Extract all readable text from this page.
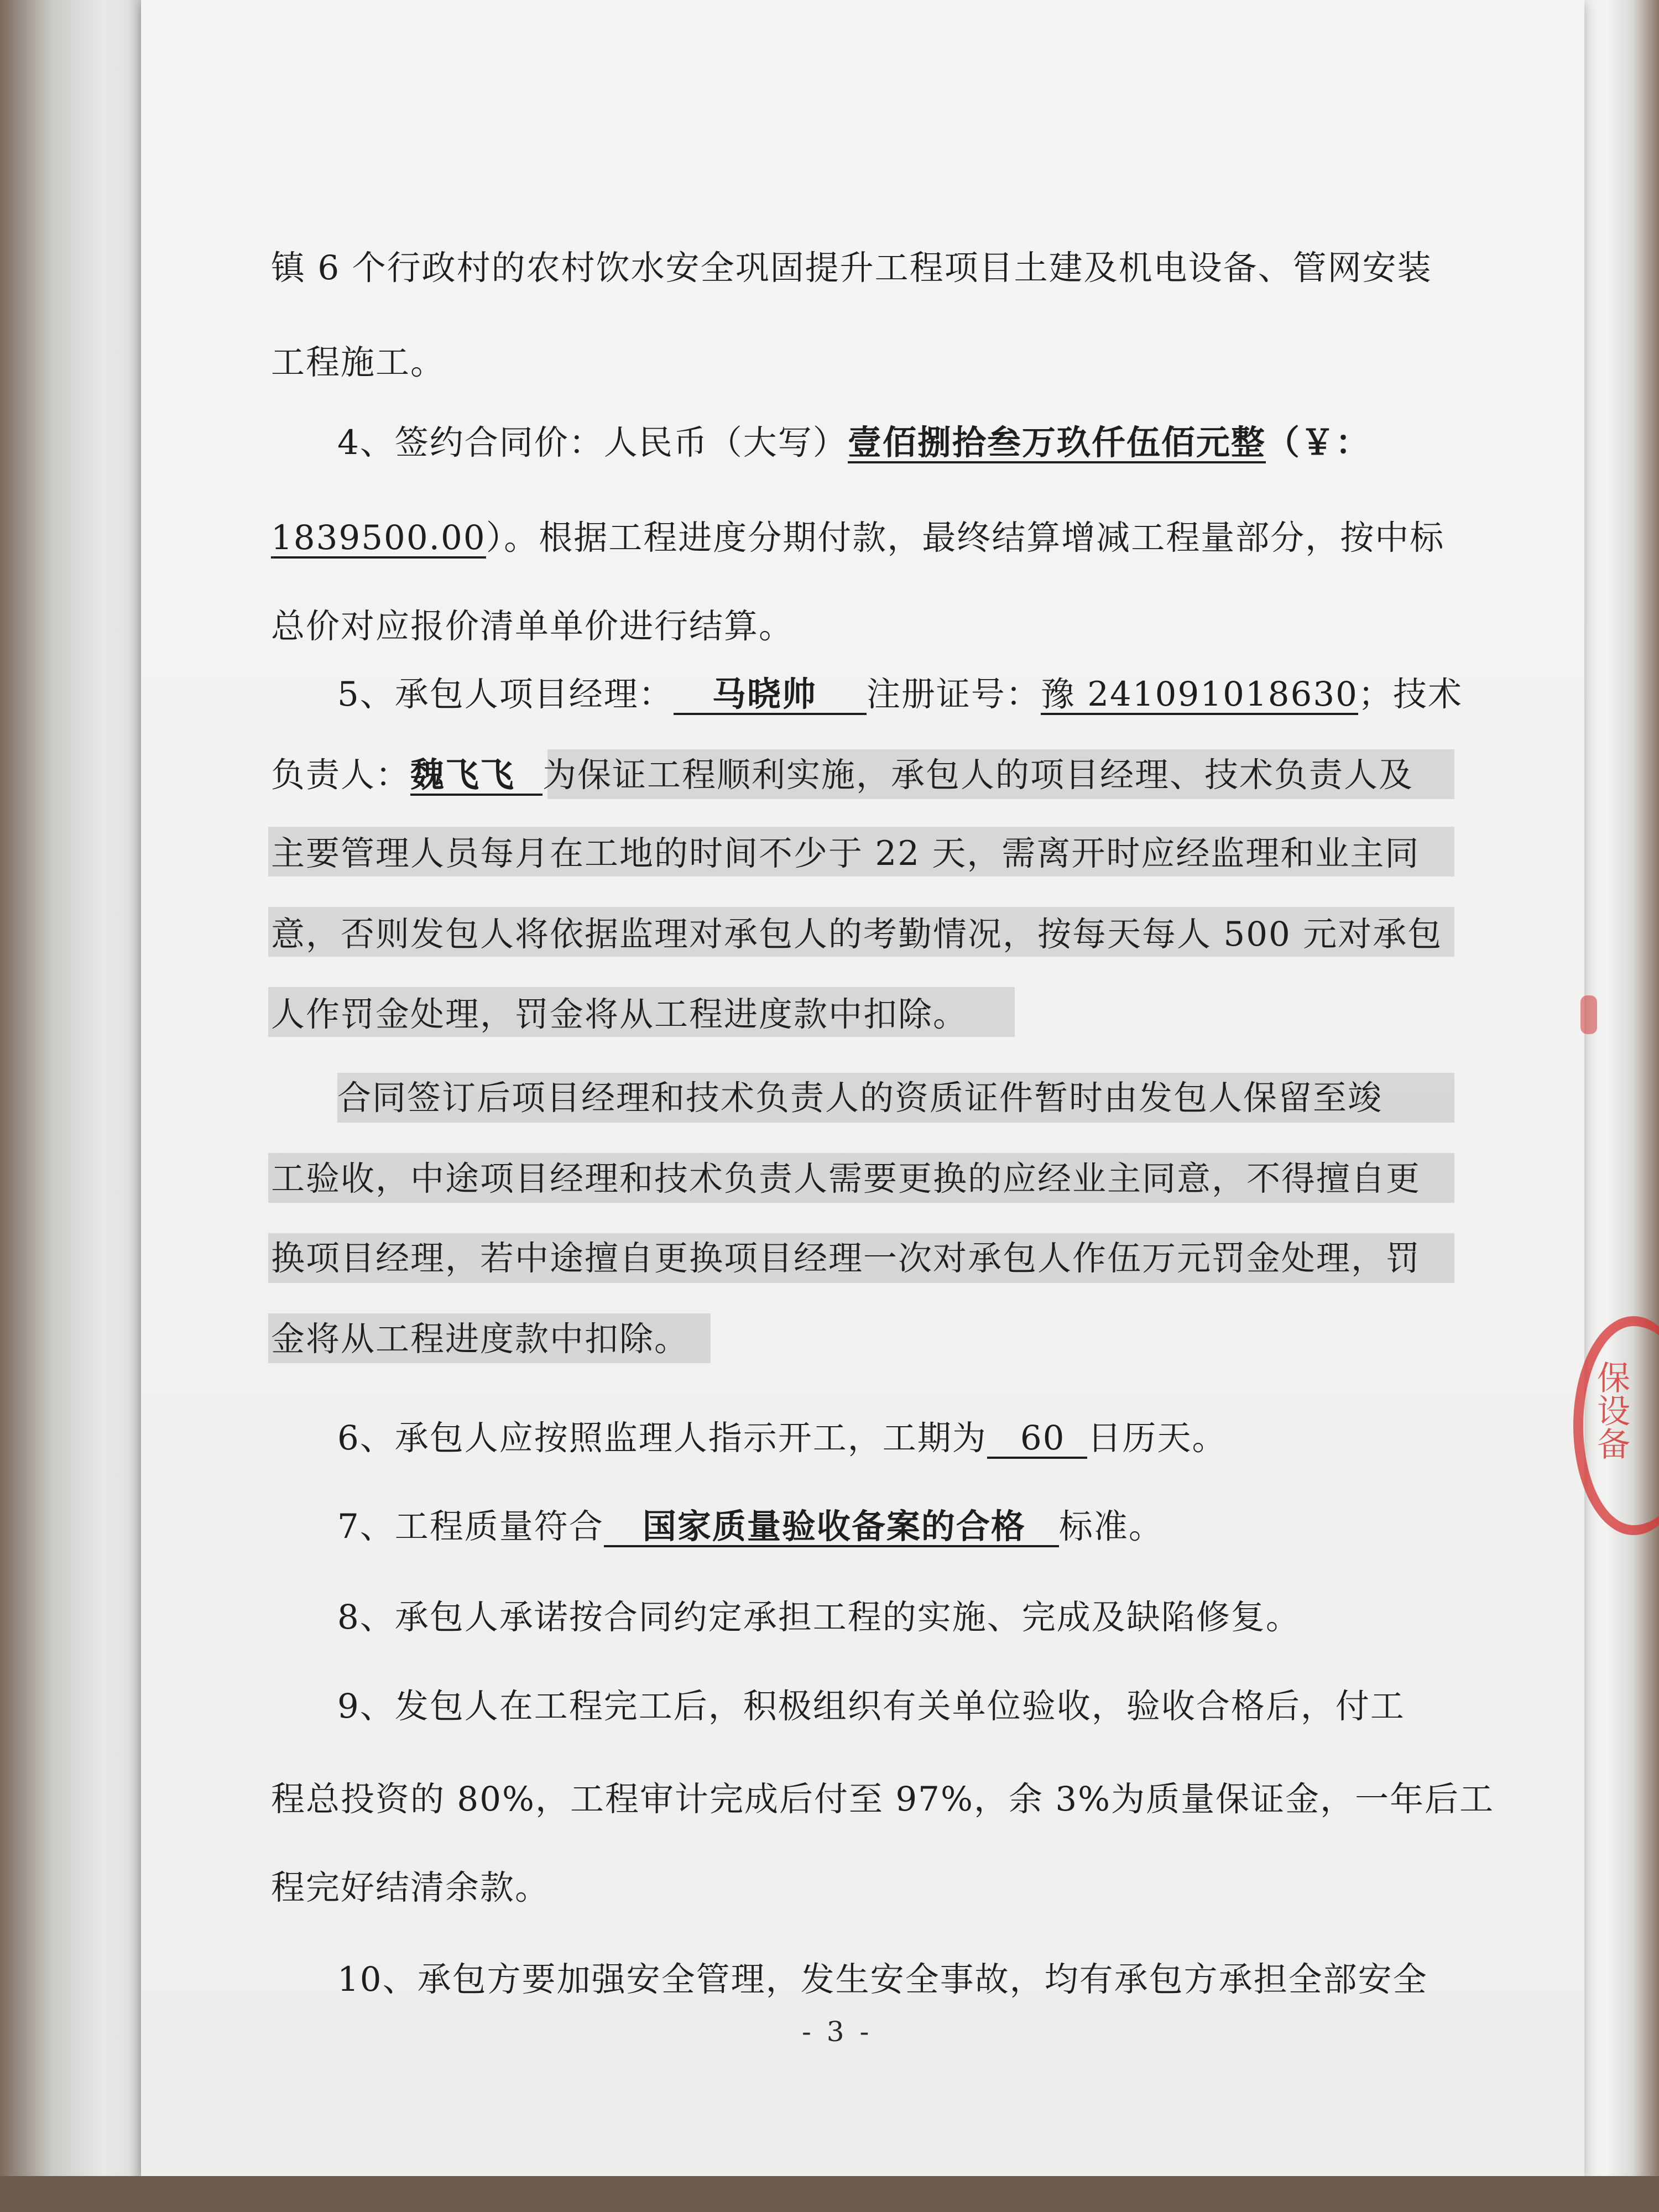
保设备
镇 6 个行政村的农村饮水安全巩固提升工程项目土建及机电设备、管网安装
工程施工。
4、签约合同价：人民币（大写）壹佰捌拾叁万玖仟伍佰元整（￥：
1839500.00）。根据工程进度分期付款，最终结算增减工程量部分，按中标
总价对应报价清单单价进行结算。
5、承包人项目经理： 马晓帅 注册证号：豫 241091018630；技术
负责人：魏飞飞 为保证工程顺利实施，承包人的项目经理、技术负责人及
主要管理人员每月在工地的时间不少于 22 天，需离开时应经监理和业主同
意，否则发包人将依据监理对承包人的考勤情况，按每天每人 500 元对承包
人作罚金处理，罚金将从工程进度款中扣除。
合同签订后项目经理和技术负责人的资质证件暂时由发包人保留至竣
工验收，中途项目经理和技术负责人需要更换的应经业主同意，不得擅自更
换项目经理，若中途擅自更换项目经理一次对承包人作伍万元罚金处理，罚
金将从工程进度款中扣除。
6、承包人应按照监理人指示开工，工期为 60 日历天。
7、工程质量符合 国家质量验收备案的合格 标准。
8、承包人承诺按合同约定承担工程的实施、完成及缺陷修复。
9、发包人在工程完工后，积极组织有关单位验收，验收合格后，付工
程总投资的 80%，工程审计完成后付至 97%，余 3%为质量保证金，一年后工
程完好结清余款。
10、承包方要加强安全管理，发生安全事故，均有承包方承担全部安全
- 3 -
